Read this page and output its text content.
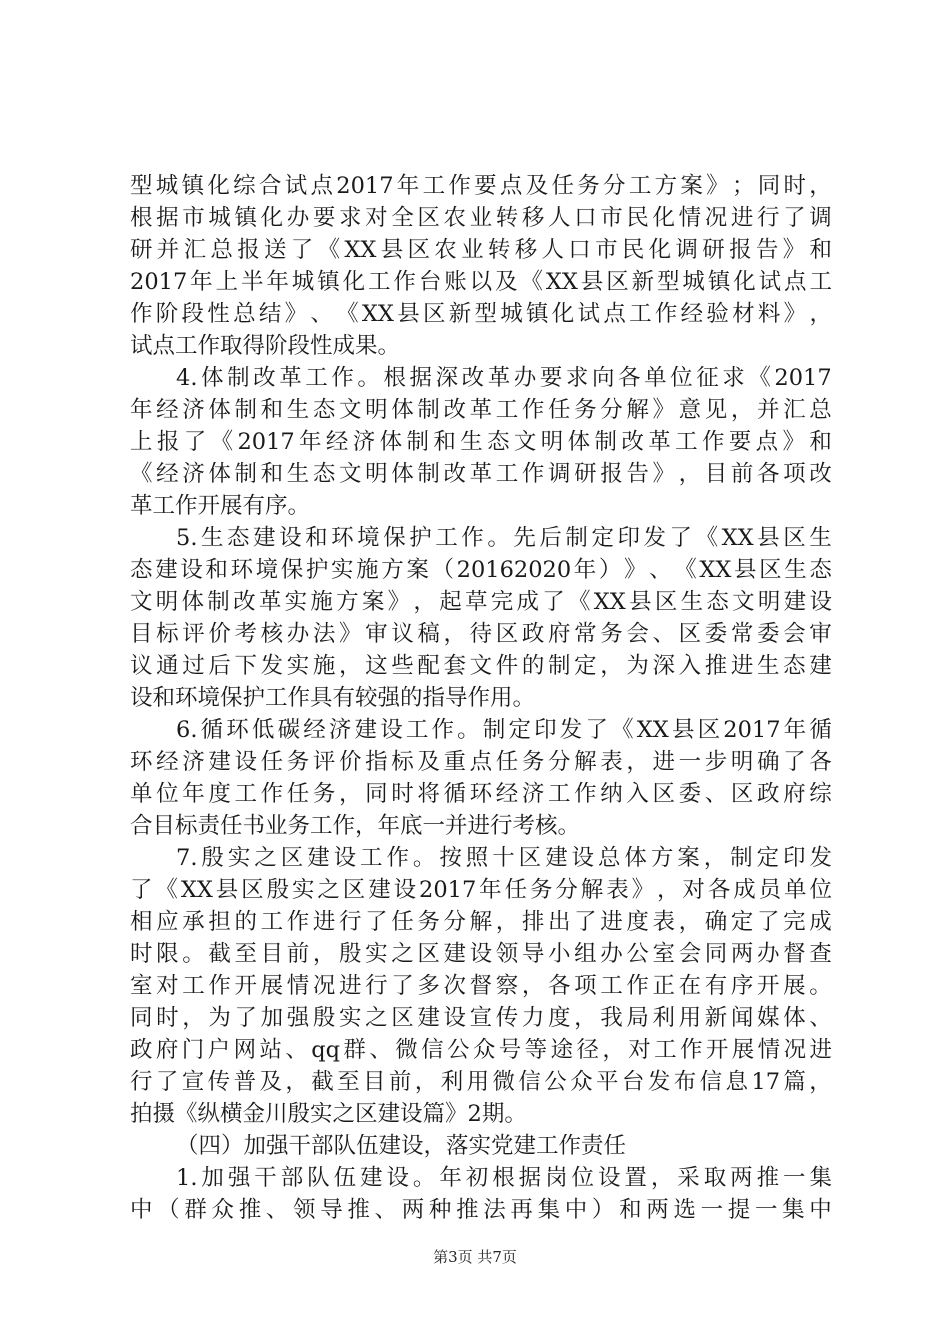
型 城 镇 化 综 合 试 点 2017 年 工 作 要 点 及 任 务 分 工 方 案 》 ； 同 时 ，
根 据 市 城 镇 化 办 要 求 对 全 区 农 业 转 移 人 口 市 民 化 情 况 进 行 了 调
研 并 汇 总 报 送 了 《 XX 县 区 农 业 转 移 人 口 市 民 化 调 研 报 告 》 和
2017 年 上 半 年 城 镇 化 工 作 台 账 以 及 《 XX 县 区 新 型 城 镇 化 试 点 工
作 阶 段 性 总 结 》 、 《 XX 县 区 新 型 城 镇 化 试 点 工 作 经 验 材 料 》 ，
试点工作取得阶段性成果。
4. 体 制 改 革 工 作 。 根 据 深 改 革 办 要 求 向 各 单 位 征 求 《 2017
年 经 济 体 制 和 生 态 文 明 体 制 改 革 工 作 任 务 分 解 》 意 见 ， 并 汇 总
上 报 了 《 2017 年 经 济 体 制 和 生 态 文 明 体 制 改 革 工 作 要 点 》 和
《 经 济 体 制 和 生 态 文 明 体 制 改 革 工 作 调 研 报 告 》 ， 目 前 各 项 改
革工作开展有序。
5. 生 态 建 设 和 环 境 保 护 工 作 。 先 后 制 定 印 发 了 《 XX 县 区 生
态 建 设 和 环 境 保 护 实 施 方 案 （ 20162020 年 ） 》 、 《 XX 县 区 生 态
文 明 体 制 改 革 实 施 方 案 》 ， 起 草 完 成 了 《 XX 县 区 生 态 文 明 建 设
目 标 评 价 考 核 办 法 》 审 议 稿 ， 待 区 政 府 常 务 会 、 区 委 常 委 会 审
议 通 过 后 下 发 实 施 ， 这 些 配 套 文 件 的 制 定 ， 为 深 入 推 进 生 态 建
设和环境保护工作具有较强的指导作用。
6. 循 环 低 碳 经 济 建 设 工 作 。 制 定 印 发 了 《 XX 县 区 2017 年 循
环 经 济 建 设 任 务 评 价 指 标 及 重 点 任 务 分 解 表 ， 进 一 步 明 确 了 各
单 位 年 度 工 作 任 务 ， 同 时 将 循 环 经 济 工 作 纳 入 区 委 、 区 政 府 综
合目标责任书业务工作，年底一并进行考核。
7. 殷 实 之 区 建 设 工 作 。 按 照 十 区 建 设 总 体 方 案 ， 制 定 印 发
了 《 XX 县 区 殷 实 之 区 建 设 2017 年 任 务 分 解 表 》 ， 对 各 成 员 单 位
相 应 承 担 的 工 作 进 行 了 任 务 分 解 ， 排 出 了 进 度 表 ， 确 定 了 完 成
时 限 。 截 至 目 前 ， 殷 实 之 区 建 设 领 导 小 组 办 公 室 会 同 两 办 督 查
室 对 工 作 开 展 情 况 进 行 了 多 次 督 察 ， 各 项 工 作 正 在 有 序 开 展 。
同 时 ， 为 了 加 强 殷 实 之 区 建 设 宣 传 力 度 ， 我 局 利 用 新 闻 媒 体 、
政 府 门 户 网 站 、 qq 群 、 微 信 公 众 号 等 途 径 ， 对 工 作 开 展 情 况 进
行 了 宣 传 普 及 ， 截 至 目 前 ， 利 用 微 信 公 众 平 台 发 布 信 息 17 篇 ，
拍摄《纵横金川殷实之区建设篇》2期。
（四）加强干部队伍建设，落实党建工作责任
1. 加 强 干 部 队 伍 建 设 。 年 初 根 据 岗 位 设 置 ， 采 取 两 推 一 集
中 （ 群 众 推 、 领 导 推 、 两 种 推 法 再 集 中 ） 和 两 选 一 提 一 集 中
第3页 共7页
